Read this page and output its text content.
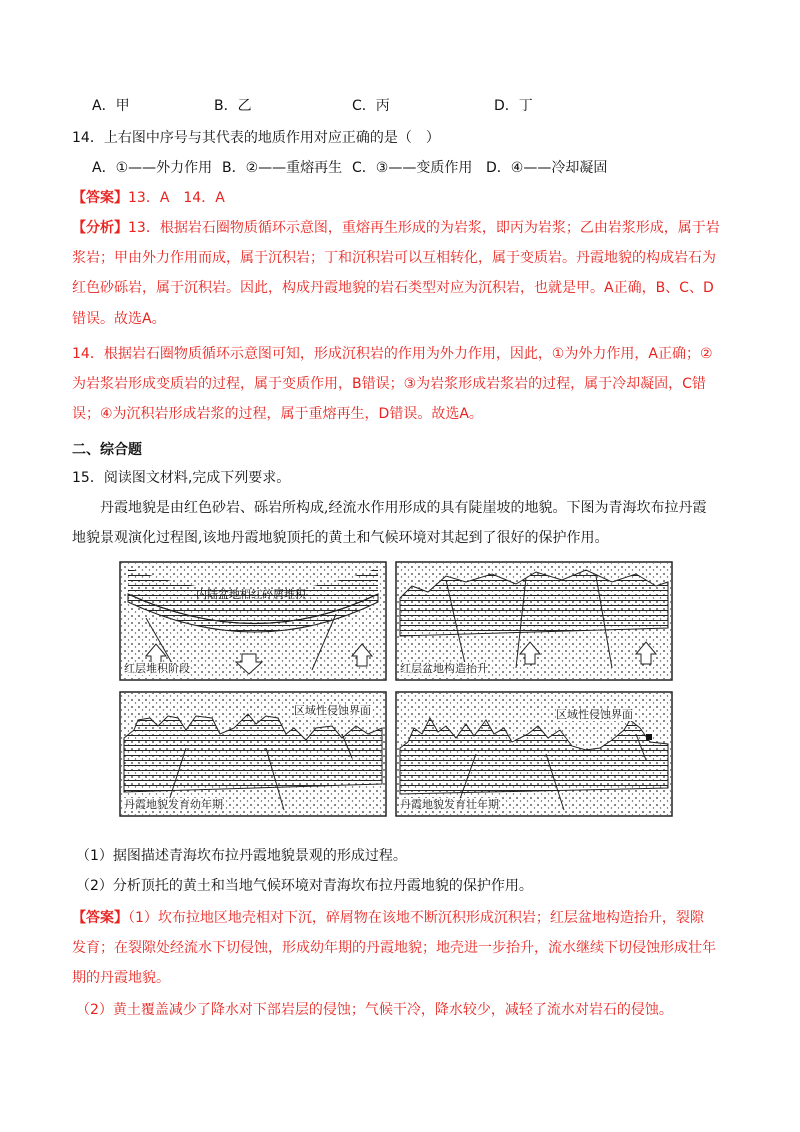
A．甲	B．乙	C．丙	D．丁
14．上右图中序号与其代表的地质作用对应正确的是（　）
A．①——外力作用 B．②——重熔再生 C．③——变质作用 D．④——冷却凝固
【答案】13．A　14．A
【分析】13．根据岩石圈物质循环示意图，重熔再生形成的为岩浆，即丙为岩浆；乙由岩浆形成，属于岩
浆岩；甲由外力作用而成，属于沉积岩；丁和沉积岩可以互相转化，属于变质岩。丹霞地貌的构成岩石为
红色砂砾岩，属于沉积岩。因此，构成丹霞地貌的岩石类型对应为沉积岩，也就是甲。A正确，B、C、D
错误。故选A。
14．根据岩石圈物质循环示意图可知，形成沉积岩的作用为外力作用，因此，①为外力作用，A正确；②
为岩浆岩形成变质岩的过程，属于变质作用，B错误；③为岩浆形成岩浆岩的过程，属于冷却凝固，C错
误；④为沉积岩形成岩浆的过程，属于重熔再生，D错误。故选A。
二、综合题
15．阅读图文材料,完成下列要求。
丹霞地貌是由红色砂岩、砾岩所构成,经流水作用形成的具有陡崖坡的地貌。下图为青海坎布拉丹霞
地貌景观演化过程图,该地丹霞地貌顶托的黄土和气候环境对其起到了很好的保护作用。
内陆盆地相红碎屑堆积
红层堆积阶段	红层盆地构造抬升
区域性侵蚀界面
丹霞地貌发育幼年期
区域性侵蚀界面
丹霞地貌发育壮年期
（1）据图描述青海坎布拉丹霞地貌景观的形成过程。
（2）分析顶托的黄土和当地气候环境对青海坎布拉丹霞地貌的保护作用。
【答案】（1）坎布拉地区地壳相对下沉，碎屑物在该地不断沉积形成沉积岩；红层盆地构造抬升，裂隙
发育；在裂隙处经流水下切侵蚀，形成幼年期的丹霞地貌；地壳进一步抬升，流水继续下切侵蚀形成壮年
期的丹霞地貌。
（2）黄土覆盖减少了降水对下部岩层的侵蚀；气候干冷，降水较少，减轻了流水对岩石的侵蚀。
